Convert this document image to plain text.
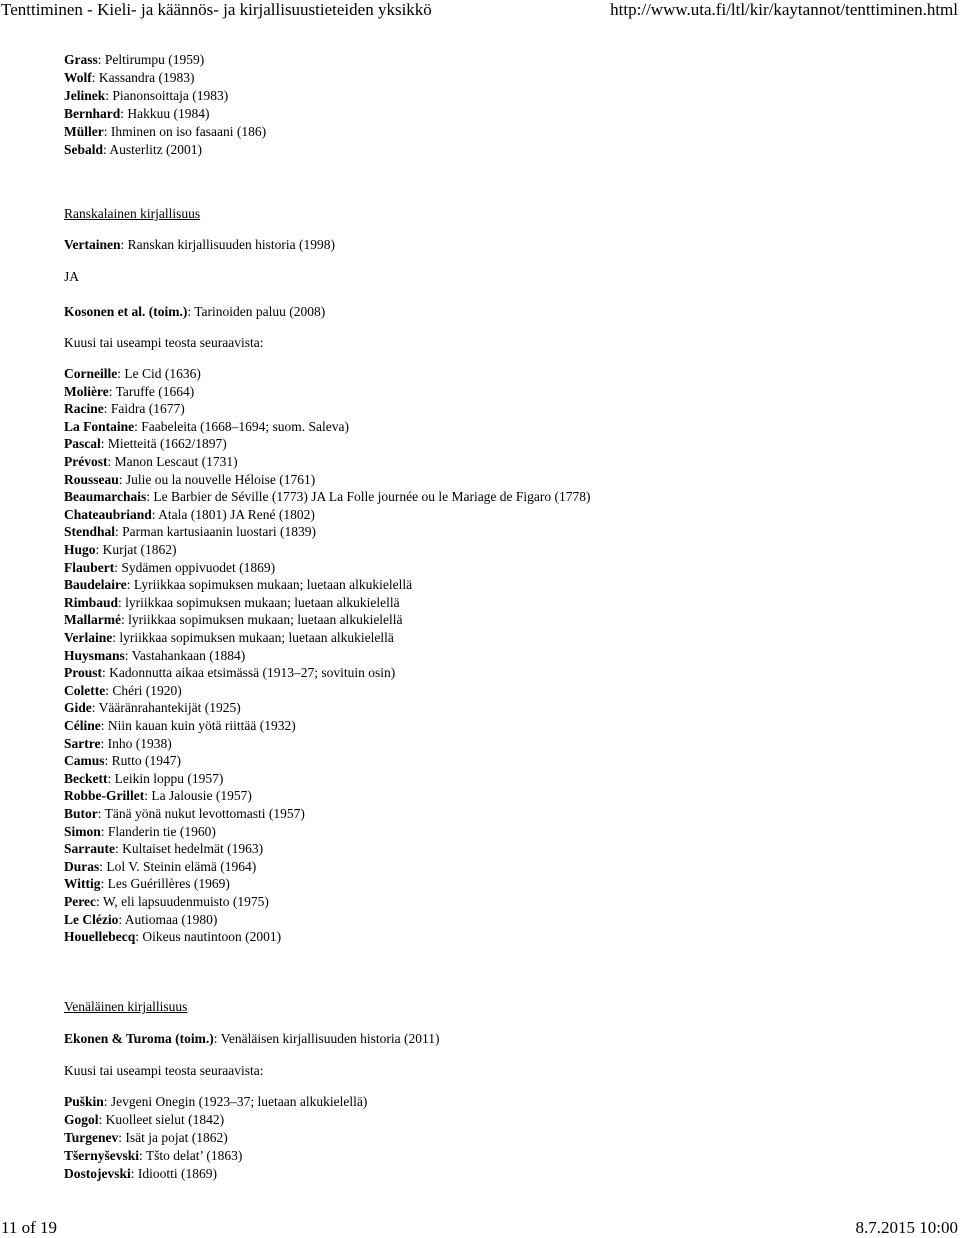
Tenttiminen - Kieli- ja käännös- ja kirjallisuustieteiden yksikkö	http://www.uta.fi/ltl/kir/kaytannot/tenttiminen.html
Grass: Peltirumpu (1959)
Wolf: Kassandra (1983)
Jelinek: Pianonsoittaja (1983)
Bernhard: Hakkuu (1984)
Müller: Ihminen on iso fasaani (186)
Sebald: Austerlitz (2001)
Ranskalainen kirjallisuus
Vertainen: Ranskan kirjallisuuden historia (1998)
JA
Kosonen et al. (toim.): Tarinoiden paluu (2008)
Kuusi tai useampi teosta seuraavista:
Corneille: Le Cid (1636)
Molière: Taruffe (1664)
Racine: Faidra (1677)
La Fontaine: Faabeleita (1668–1694; suom. Saleva)
Pascal: Mietteitä (1662/1897)
Prévost: Manon Lescaut (1731)
Rousseau: Julie ou la nouvelle Héloise (1761)
Beaumarchais: Le Barbier de Séville (1773) JA La Folle journée ou le Mariage de Figaro (1778)
Chateaubriand: Atala (1801) JA René (1802)
Stendhal: Parman kartusiaanin luostari (1839)
Hugo: Kurjat (1862)
Flaubert: Sydämen oppivuodet (1869)
Baudelaire: Lyriikkaa sopimuksen mukaan; luetaan alkukielellä
Rimbaud: lyriikkaa sopimuksen mukaan; luetaan alkukielellä
Mallarmé: lyriikkaa sopimuksen mukaan; luetaan alkukielellä
Verlaine: lyriikkaa sopimuksen mukaan; luetaan alkukielellä
Huysmans: Vastahankaan (1884)
Proust: Kadonnutta aikaa etsimässä (1913–27; sovituin osin)
Colette: Chéri (1920)
Gide: Vääränrahantekijät (1925)
Céline: Niin kauan kuin yötä riittää (1932)
Sartre: Inho (1938)
Camus: Rutto (1947)
Beckett: Leikin loppu (1957)
Robbe-Grillet: La Jalousie (1957)
Butor: Tänä yönä nukut levottomasti (1957)
Simon: Flanderin tie (1960)
Sarraute: Kultaiset hedelmät (1963)
Duras: Lol V. Steinin elämä (1964)
Wittig: Les Guérillères (1969)
Perec: W, eli lapsuudenmuisto (1975)
Le Clézio: Autiomaa (1980)
Houellebecq: Oikeus nautintoon (2001)
Venäläinen kirjallisuus
Ekonen & Turoma (toim.): Venäläisen kirjallisuuden historia (2011)
Kuusi tai useampi teosta seuraavista:
Puškin: Jevgeni Onegin (1923–37; luetaan alkukielellä)
Gogol: Kuolleet sielut (1842)
Turgenev: Isät ja pojat (1862)
Tšernyševski: Tšto delat’ (1863)
Dostojevski: Idiootti (1869)
11 of 19	8.7.2015 10:00
